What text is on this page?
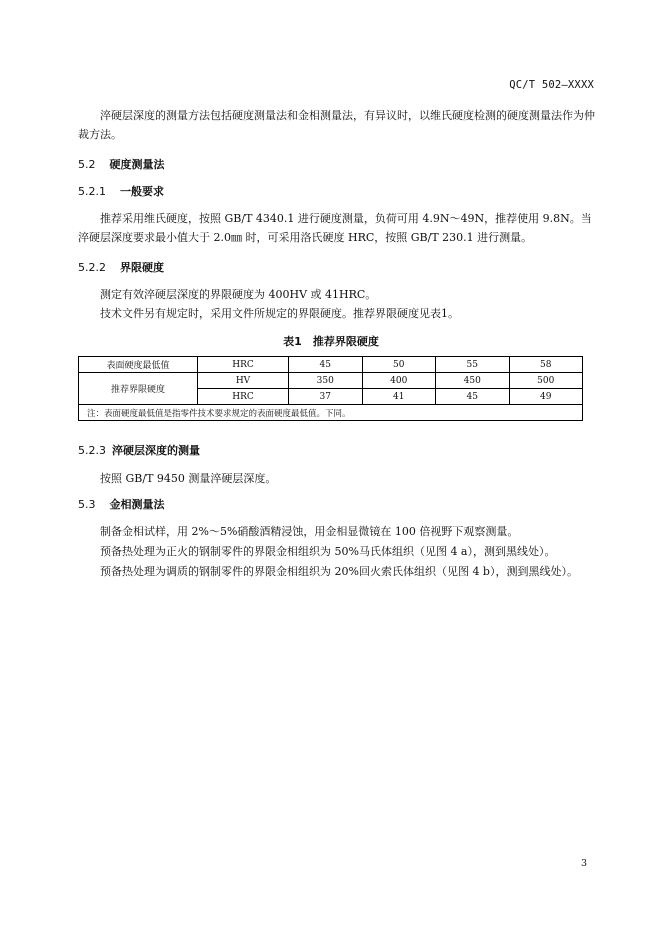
QC/T 502—XXXX
淬硬层深度的测量方法包括硬度测量法和金相测量法，有异议时，以维氏硬度检测的硬度测量法作为仲裁方法。
5.2 硬度测量法
5.2.1 一般要求
推荐采用维氏硬度，按照 GB/T 4340.1 进行硬度测量，负荷可用 4.9N～49N，推荐使用 9.8N。当淬硬层深度要求最小值大于 2.0㎜ 时，可采用洛氏硬度 HRC，按照 GB/T 230.1 进行测量。
5.2.2 界限硬度
测定有效淬硬层深度的界限硬度为 400HV 或 41HRC。
技术文件另有规定时，采用文件所规定的界限硬度。推荐界限硬度见表1。
表1　推荐界限硬度
表面硬度最低值	HRC	45	50	55	58
推荐界限硬度	HV	350	400	450	500
	HRC	37	41	45	49
注：表面硬度最低值是指零件技术要求规定的表面硬度最低值。下同。					
5.2.3 淬硬层深度的测量
按照 GB/T 9450 测量淬硬层深度。
5.3 金相测量法
制备金相试样，用 2%～5%硝酸酒精浸蚀，用金相显微镜在 100 倍视野下观察测量。
预备热处理为正火的钢制零件的界限金相组织为 50%马氏体组织（见图 4 a），测到黑线处）。
预备热处理为调质的钢制零件的界限金相组织为 20%回火索氏体组织（见图 4 b），测到黑线处）。
3
